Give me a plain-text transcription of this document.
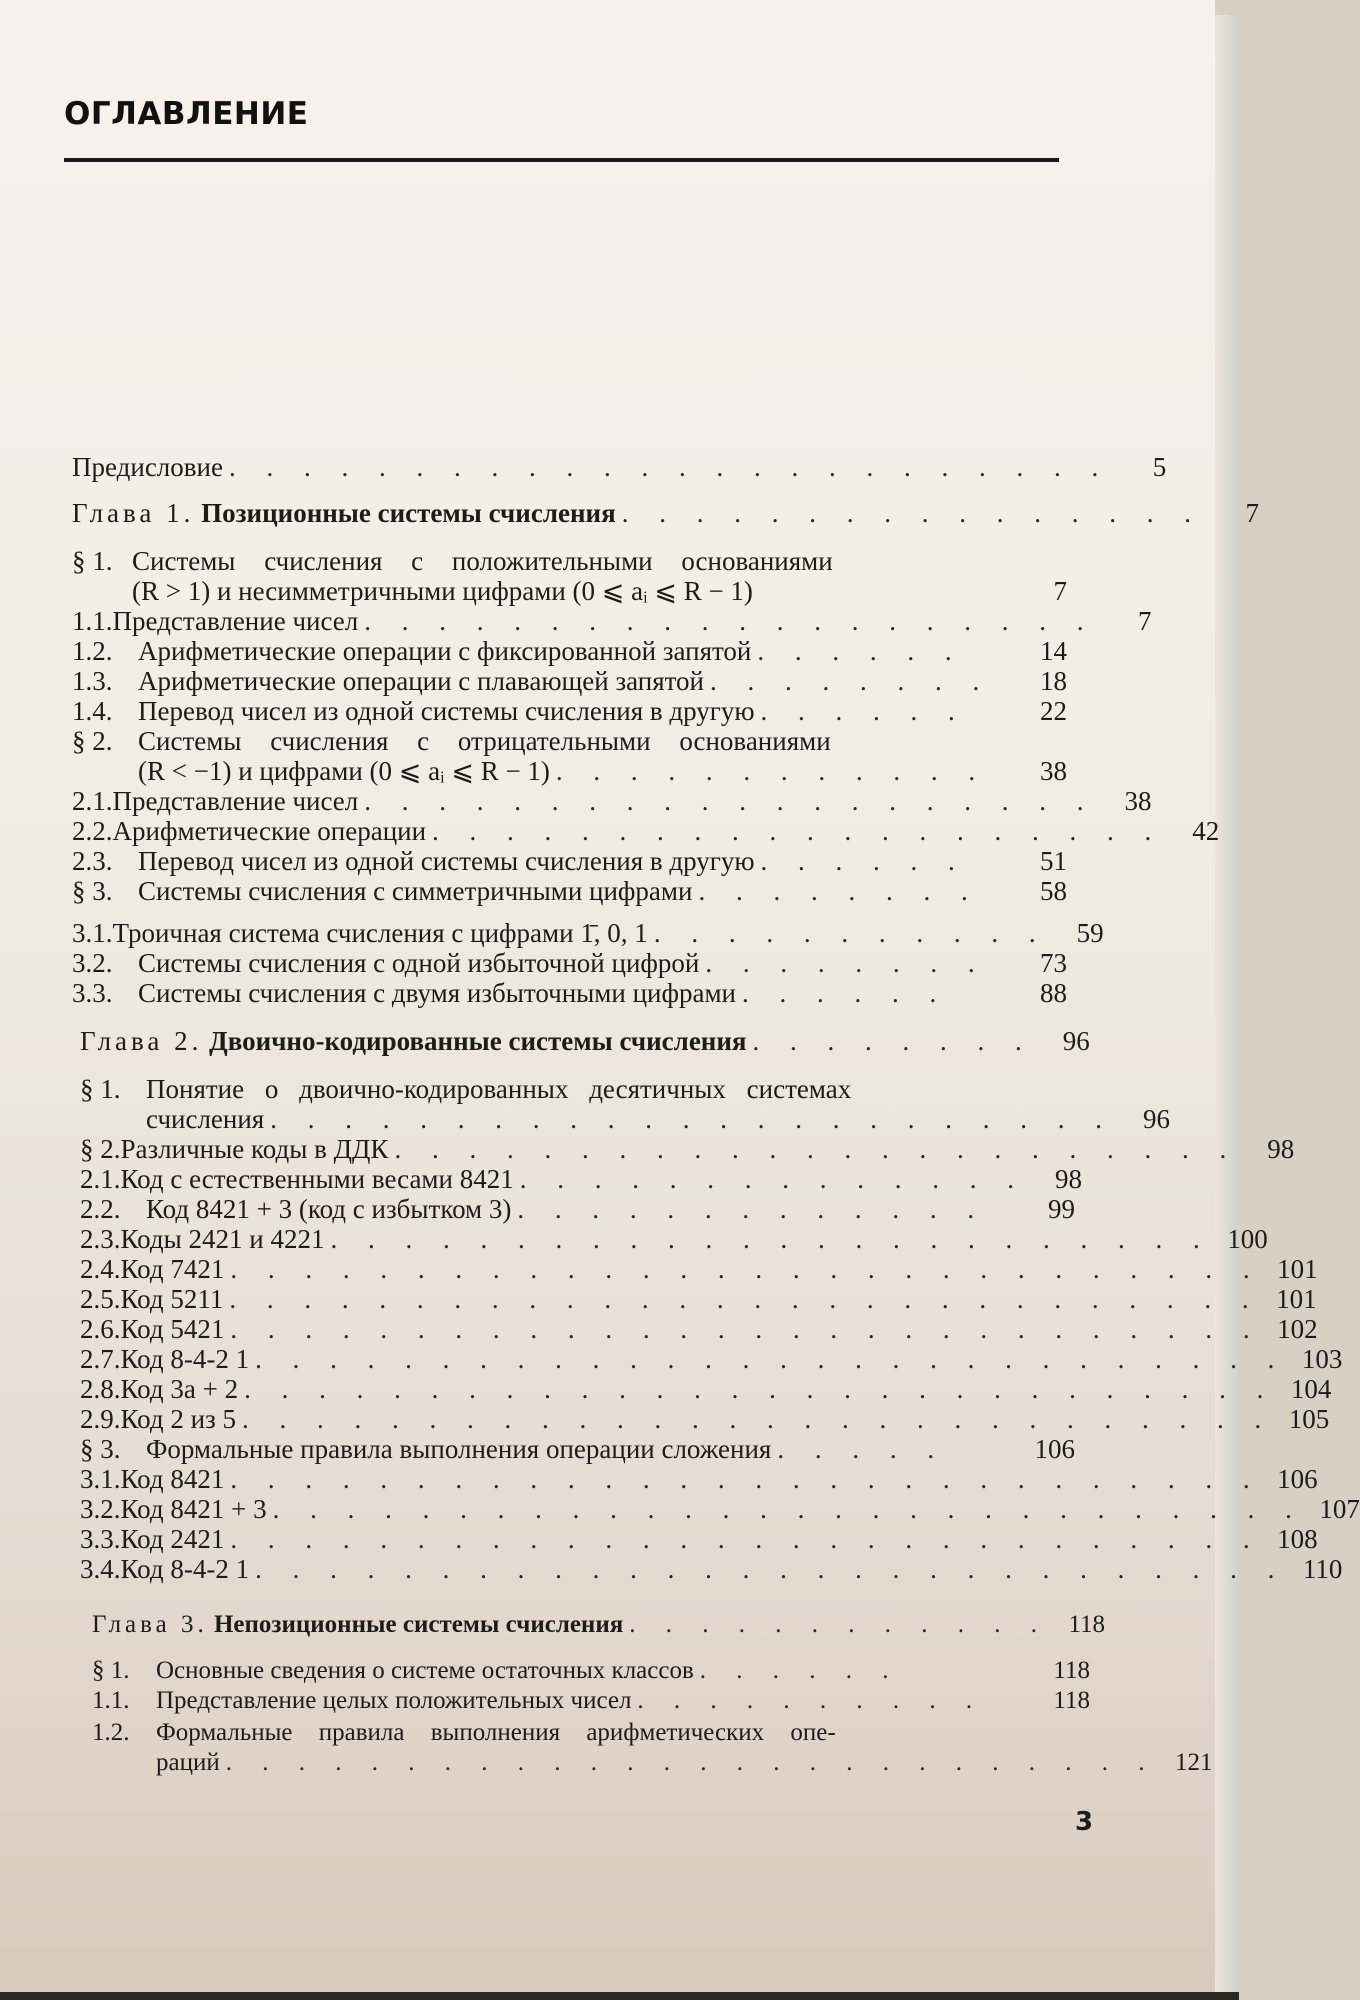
ОГЛАВЛЕНИЕ
Предисловие . . . . . . . . . . . . . . . . . . . . . . . .	5
Глава 1.
Позиционные системы счисления . . . . . . . . . . . . . . . .	7
§ 1. Системы счисления с положительными основаниями
(R > 1) и несимметричными цифрами (0 ⩽ aᵢ ⩽ R − 1)	7
1.1. Представление чисел . . . . . . . . . . . . . . . . . . . .	7
1.2. Арифметические операции с фиксированной запятой . . . . . .	14
1.3. Арифметические операции с плавающей запятой . . . . . . . .	18
1.4. Перевод чисел из одной системы счисления в другую . . . . . .	22
§ 2. Системы счисления с отрицательными основаниями
(R < −1) и цифрами (0 ⩽ aᵢ ⩽ R − 1) . . . . . . . . . . . .	38
2.1. Представление чисел . . . . . . . . . . . . . . . . . . . .	38
2.2. Арифметические операции . . . . . . . . . . . . . . . . . . . .	42
2.3. Перевод чисел из одной системы счисления в другую . . . . . .	51
§ 3. Системы счисления с симметричными цифрами . . . . . . . .	58
3.1. Троичная система счисления с цифрами 1̄, 0, 1 . . . . . . . . . . .	59
3.2. Системы счисления с одной избыточной цифрой . . . . . . . .	73
3.3. Системы счисления с двумя избыточными цифрами . . . . . .	88
Глава 2.
Двоично-кодированные системы счисления . . . . . . . .	96
§ 1. Понятие о двоично-кодированных десятичных системах
счисления . . . . . . . . . . . . . . . . . . . . . . .	96
§ 2. Различные коды в ДДК . . . . . . . . . . . . . . . . . . . . . . .	98
2.1. Код с естественными весами 8421 . . . . . . . . . . . . . .	98
2.2. Код 8421 + 3 (код с избытком 3) . . . . . . . . . . . . .	99
2.3. Коды 2421 и 4221 . . . . . . . . . . . . . . . . . . . . . . . . 100
2.4. Код 7421 . . . . . . . . . . . . . . . . . . . . . . . . . . . . 101
2.5. Код 5211 . . . . . . . . . . . . . . . . . . . . . . . . . . . . 101
2.6. Код 5421 . . . . . . . . . . . . . . . . . . . . . . . . . . . . 102
2.7. Код 8-4-2 1 . . . . . . . . . . . . . . . . . . . . . . . . . . . . 103
2.8. Код 3a + 2 . . . . . . . . . . . . . . . . . . . . . . . . . . . . 104
2.9. Код 2 из 5 . . . . . . . . . . . . . . . . . . . . . . . . . . . . 105
§ 3. Формальные правила выполнения операции сложения . . . . .	106
3.1. Код 8421 . . . . . . . . . . . . . . . . . . . . . . . . . . . . 106
3.2. Код 8421 + 3 . . . . . . . . . . . . . . . . . . . . . . . . . . . . 107
3.3. Код 2421 . . . . . . . . . . . . . . . . . . . . . . . . . . . . 108
3.4. Код 8-4-2 1 . . . . . . . . . . . . . . . . . . . . . . . . . . . . 110
Глава 3.
Непозиционные системы счисления . . . . . . . . . . . . 118
§ 1.	Основные сведения о системе остаточных классов . . . . . .	118
1.1.	Представление целых положительных чисел . . . . . . . . . .	118
1.2.	Формальные правила выполнения арифметических опе-
раций . . . . . . . . . . . . . . . . . . . . . . . . . . 121
3
